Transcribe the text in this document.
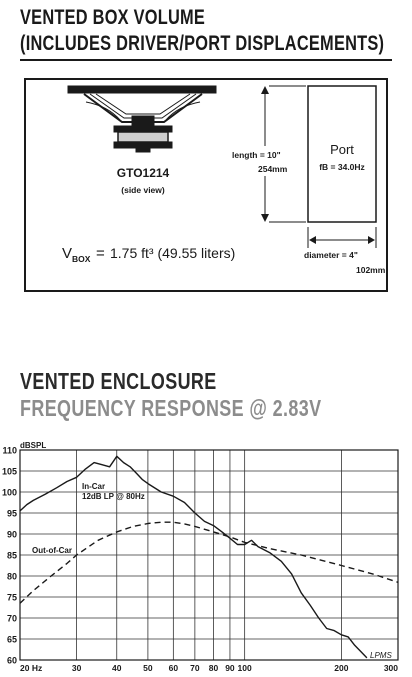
VENTED BOX VOLUME
(INCLUDES DRIVER/PORT DISPLACEMENTS)
GTO1214
(side view)
length = 10"
254mm
Port
fB = 34.0Hz
diameter = 4"
102mm
V BOX = 1.75 ft³ (49.55 liters)
VENTED ENCLOSURE
FREQUENCY RESPONSE @ 2.83V
60
65
70
75
80
85
90
95
100
105
110
20 Hz	30	40	50 60 70 80 90 100	200	300
dBSPL
In-Car
12dB LP @ 80Hz
Out-of-Car
LPMS
